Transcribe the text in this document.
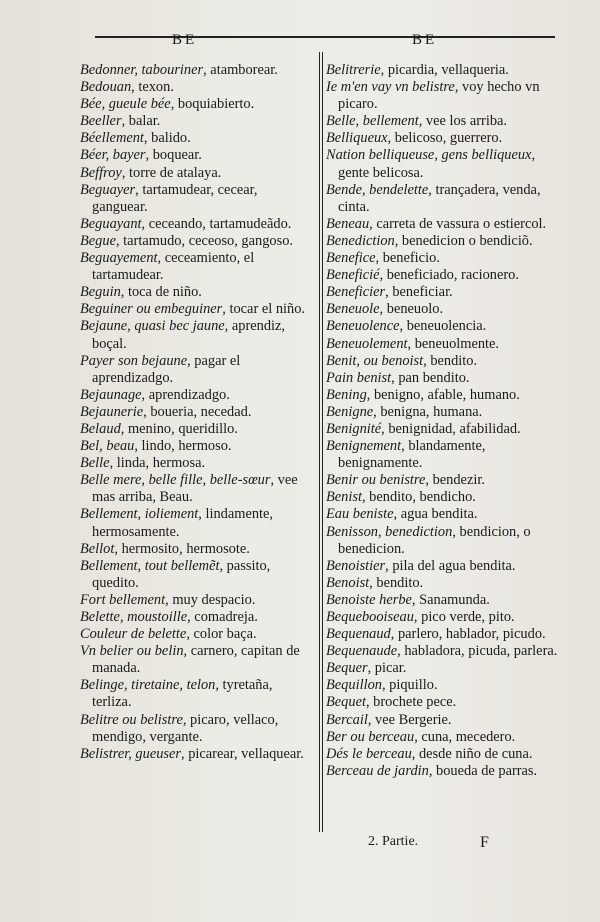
BE	BE

Bedonner, tabouriner, atamborear.

Bedouan, texon.

Bée, gueule bée, boquiabierto.

Beeller, balar.

Béellement, balido.

Béer, bayer, boquear.

Beffroy, torre de atalaya.

Beguayer, tartamudear, cecear, ganguear.

Beguayant, ceceando, tartamudeãdo.

Begue, tartamudo, ceceoso, gangoso.

Beguayement, ceceamiento, el tartamudear.

Beguin, toca de niño.

Beguiner ou embeguiner, tocar el niño.

Bejaune, quasi bec jaune, aprendiz, boçal.

Payer son bejaune, pagar el aprendizadgo.

Bejaunage, aprendizadgo.

Bejaunerie, boueria, necedad.

Belaud, menino, queridillo.

Bel, beau, lindo, hermoso.

Belle, linda, hermosa.

Belle mere, belle fille, belle-sœur, vee mas arriba, Beau.

Bellement, ioliement, lindamente, hermosamente.

Bellot, hermosito, hermosote.

Bellement, tout bellemẽt, passito, quedito.

Fort bellement, muy despacio.

Belette, moustoille, comadreja.

Couleur de belette, color baça.

Vn belier ou belin, carnero, capitan de manada.

Belinge, tiretaine, telon, tyretaña, terliza.

Belitre ou belistre, picaro, vellaco, mendigo, vergante.

Belistrer, gueuser, picarear, vellaquear.

Belitrerie, picardia, vellaqueria.

Ie m'en vay vn belistre, voy hecho vn picaro.

Belle, bellement, vee los arriba.

Belliqueux, belicoso, guerrero.

Nation belliqueuse, gens belliqueux, gente belicosa.

Bende, bendelette, trançadera, venda, cinta.

Beneau, carreta de vassura o estiercol.

Benediction, benedicion o bendiciõ.

Benefice, beneficio.

Beneficié, beneficiado, racionero.

Beneficier, beneficiar.

Beneuole, beneuolo.

Beneuolence, beneuolencia.

Beneuolement, beneuolmente.

Benit, ou benoist, bendito.

Pain benist, pan bendito.

Bening, benigno, afable, humano.

Benigne, benigna, humana.

Benignité, benignidad, afabilidad.

Benignement, blandamente, benignamente.

Benir ou benistre, bendezir.

Benist, bendito, bendicho.

Eau beniste, agua bendita.

Benisson, benediction, bendicion, o benedicion.

Benoistier, pila del agua bendita.

Benoist, bendito.

Benoiste herbe, Sanamunda.

Bequebooiseau, pico verde, pito.

Bequenaud, parlero, hablador, picudo.

Bequenaude, habladora, picuda, parlera.

Bequer, picar.

Bequillon, piquillo.

Bequet, brochete pece.

Bercail, vee Bergerie.

Ber ou berceau, cuna, mecedero.

Dés le berceau, desde niño de cuna.

Berceau de jardin, boueda de parras.

2. Partie.	F
